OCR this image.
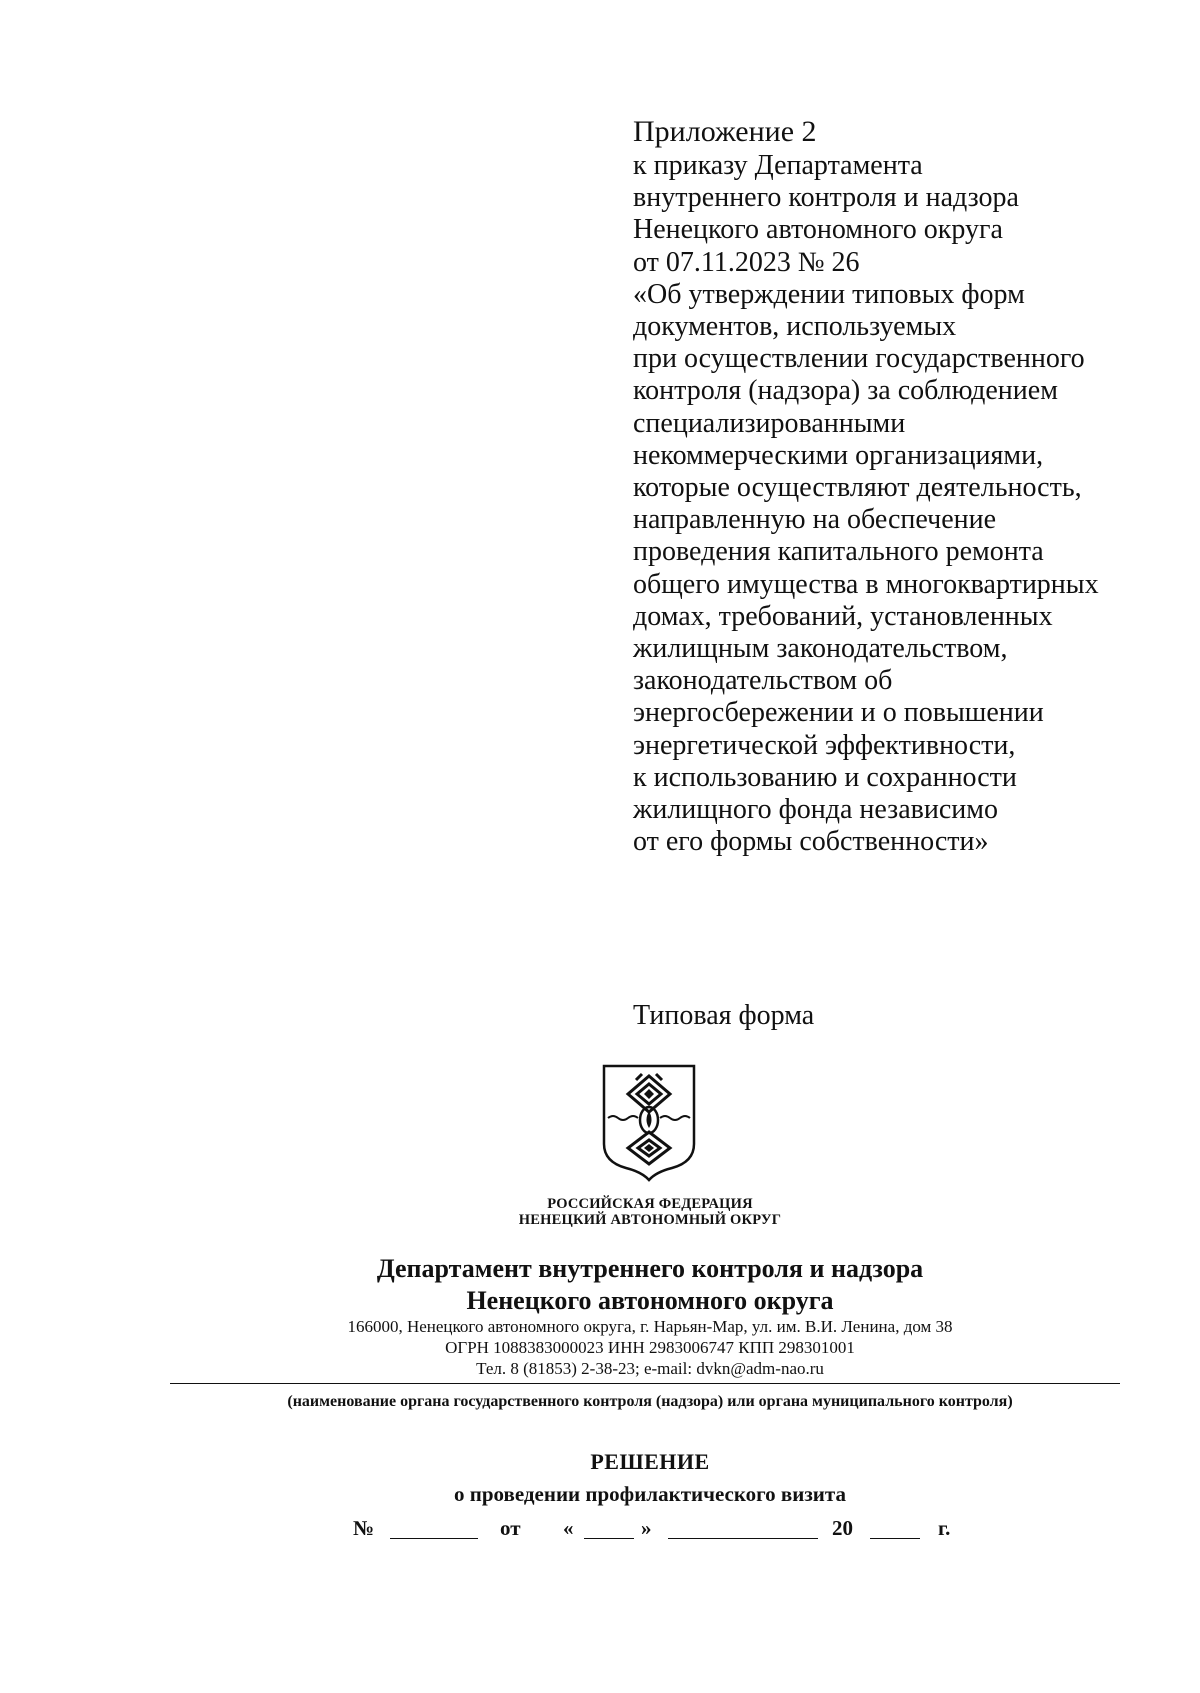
Приложение 2
к приказу Департамента
внутреннего контроля и надзора
Ненецкого автономного округа
от 07.11.2023 № 26
«Об утверждении типовых форм
документов, используемых
при осуществлении государственного
контроля (надзора) за соблюдением
специализированными
некоммерческими организациями,
которые осуществляют деятельность,
направленную на обеспечение
проведения капитального ремонта
общего имущества в многоквартирных
домах, требований, установленных
жилищным законодательством,
законодательством об
энергосбережении и о повышении
энергетической эффективности,
к использованию и сохранности
жилищного фонда независимо
от его формы собственности»
Типовая форма
РОССИЙСКАЯ ФЕДЕРАЦИЯ
НЕНЕЦКИЙ АВТОНОМНЫЙ ОКРУГ
Департамент внутреннего контроля и надзора
Ненецкого автономного округа
166000, Ненецкого автономного округа, г. Нарьян-Мар, ул. им. В.И. Ленина, дом 38
ОГРН 1088383000023 ИНН 2983006747 КПП 298301001
Тел. 8 (81853) 2-38-23; e-mail: dvkn@adm-nao.ru
(наименование органа государственного контроля (надзора) или органа муниципального контроля)
РЕШЕНИЕ
о проведении профилактического визита
№	от «	»	20	г.
